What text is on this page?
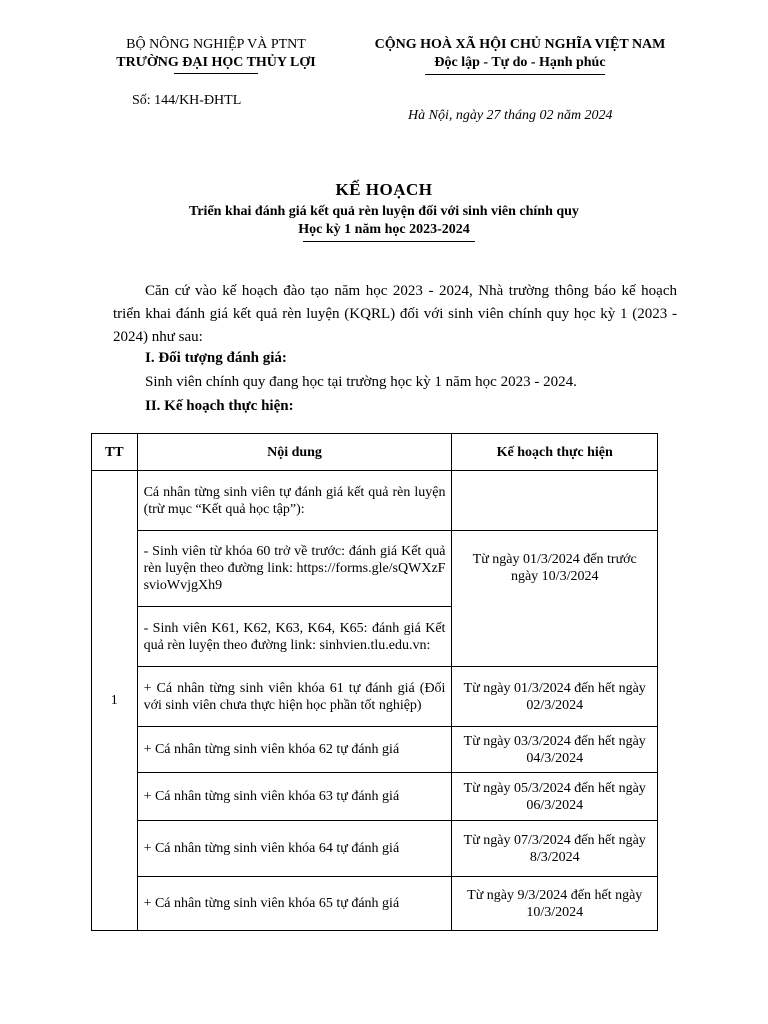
BỘ NÔNG NGHIỆP VÀ PTNT
TRƯỜNG ĐẠI HỌC THỦY LỢI
CỘNG HOÀ XÃ HỘI CHỦ NGHĨA VIỆT NAM
Độc lập - Tự do - Hạnh phúc
Số: 144/KH-ĐHTL
Hà Nội, ngày 27 tháng 02 năm 2024
KẾ HOẠCH
Triển khai đánh giá kết quả rèn luyện đối với sinh viên chính quy
Học kỳ 1 năm học 2023-2024
Căn cứ vào kế hoạch đào tạo năm học 2023 - 2024, Nhà trường thông báo kế hoạch triển khai đánh giá kết quả rèn luyện (KQRL) đối với sinh viên chính quy học kỳ 1 (2023 - 2024) như sau:
I. Đối tượng đánh giá:
Sinh viên chính quy đang học tại trường học kỳ 1 năm học 2023 - 2024.
II. Kế hoạch thực hiện:
TT	Nội dung	Kế hoạch thực hiện
1	Cá nhân từng sinh viên tự đánh giá kết quả rèn luyện (trừ mục “Kết quả học tập”):	
	- Sinh viên từ khóa 60 trở về trước: đánh giá Kết quả rèn luyện theo đường link: https://forms.gle/sQWXzFsvioWvjgXh9	Từ ngày 01/3/2024 đến trước ngày 10/3/2024
	- Sinh viên K61, K62, K63, K64, K65: đánh giá Kết quả rèn luyện theo đường link: sinhvien.tlu.edu.vn:	
	+ Cá nhân từng sinh viên khóa 61 tự đánh giá (Đối với sinh viên chưa thực hiện học phần tốt nghiệp)	Từ ngày 01/3/2024 đến hết ngày 02/3/2024
	+ Cá nhân từng sinh viên khóa 62 tự đánh giá	Từ ngày 03/3/2024 đến hết ngày 04/3/2024
	+ Cá nhân từng sinh viên khóa 63 tự đánh giá	Từ ngày 05/3/2024 đến hết ngày 06/3/2024
	+ Cá nhân từng sinh viên khóa 64 tự đánh giá	Từ ngày 07/3/2024 đến hết ngày 8/3/2024
	+ Cá nhân từng sinh viên khóa 65 tự đánh giá	Từ ngày 9/3/2024 đến hết ngày 10/3/2024
